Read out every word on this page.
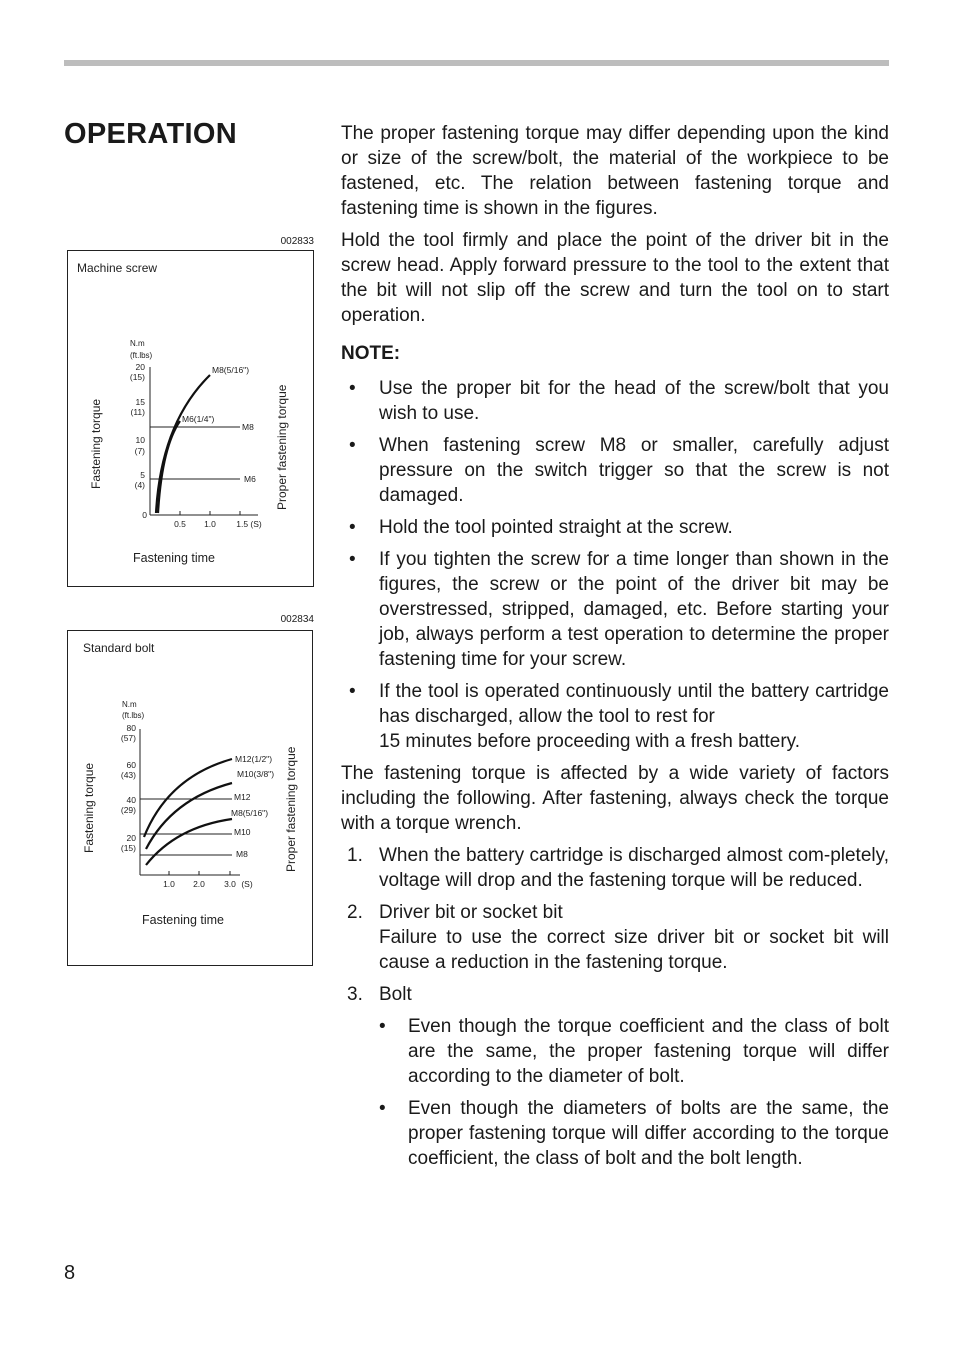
OPERATION
002833
Machine screw
N.m
(ft.lbs)
20
(15)
15
(11)
10
(7)
5
(4)
0
0.5 1.0 1.5 (S)
M8
M6
M8(5/16")
M6(1/4")
Fastening torque	Proper fastening torque
Fastening time
002834
Standard bolt
N.m
(ft.lbs)
80
(57)
60
(43)
40
(29)
20
(15)
1.0 2.0 3.0 (S)
M12
M10
M8
M12(1/2")
M10(3/8")
M8(5/16")
Fastening torque	Proper fastening torque
Fastening time

The proper fastening torque may differ depending upon the kind or size of the screw/bolt, the material of the workpiece to be fastened, etc. The relation between fastening torque and fastening time is shown in the figures.

Hold the tool firmly and place the point of the driver bit in the screw head. Apply forward pressure to the tool to the extent that the bit will not slip off the screw and turn the tool on to start operation.

NOTE:

• Use the proper bit for the head of the screw/bolt that you wish to use.
• When fastening screw M8 or smaller, carefully adjust pressure on the switch trigger so that the screw is not damaged.
• Hold the tool pointed straight at the screw.
• If you tighten the screw for a time longer than shown in the figures, the screw or the point of the driver bit may be overstressed, stripped, damaged, etc. Before starting your job, always perform a test operation to determine the proper fastening time for your screw.
• If the tool is operated continuously until the battery cartridge has discharged, allow the tool to rest for
15 minutes before proceeding with a fresh battery.

The fastening torque is affected by a wide variety of factors including the following. After fastening, always check the torque with a torque wrench.

1. When the battery cartridge is discharged almost com-pletely, voltage will drop and the fastening torque will be reduced.
2. Driver bit or socket bit
Failure to use the correct size driver bit or socket bit will cause a reduction in the fastening torque.
3. Bolt
• Even though the torque coefficient and the class of bolt are the same, the proper fastening torque will differ according to the diameter of bolt.
• Even though the diameters of bolts are the same, the proper fastening torque will differ according to the torque coefficient, the class of bolt and the bolt length.
8
